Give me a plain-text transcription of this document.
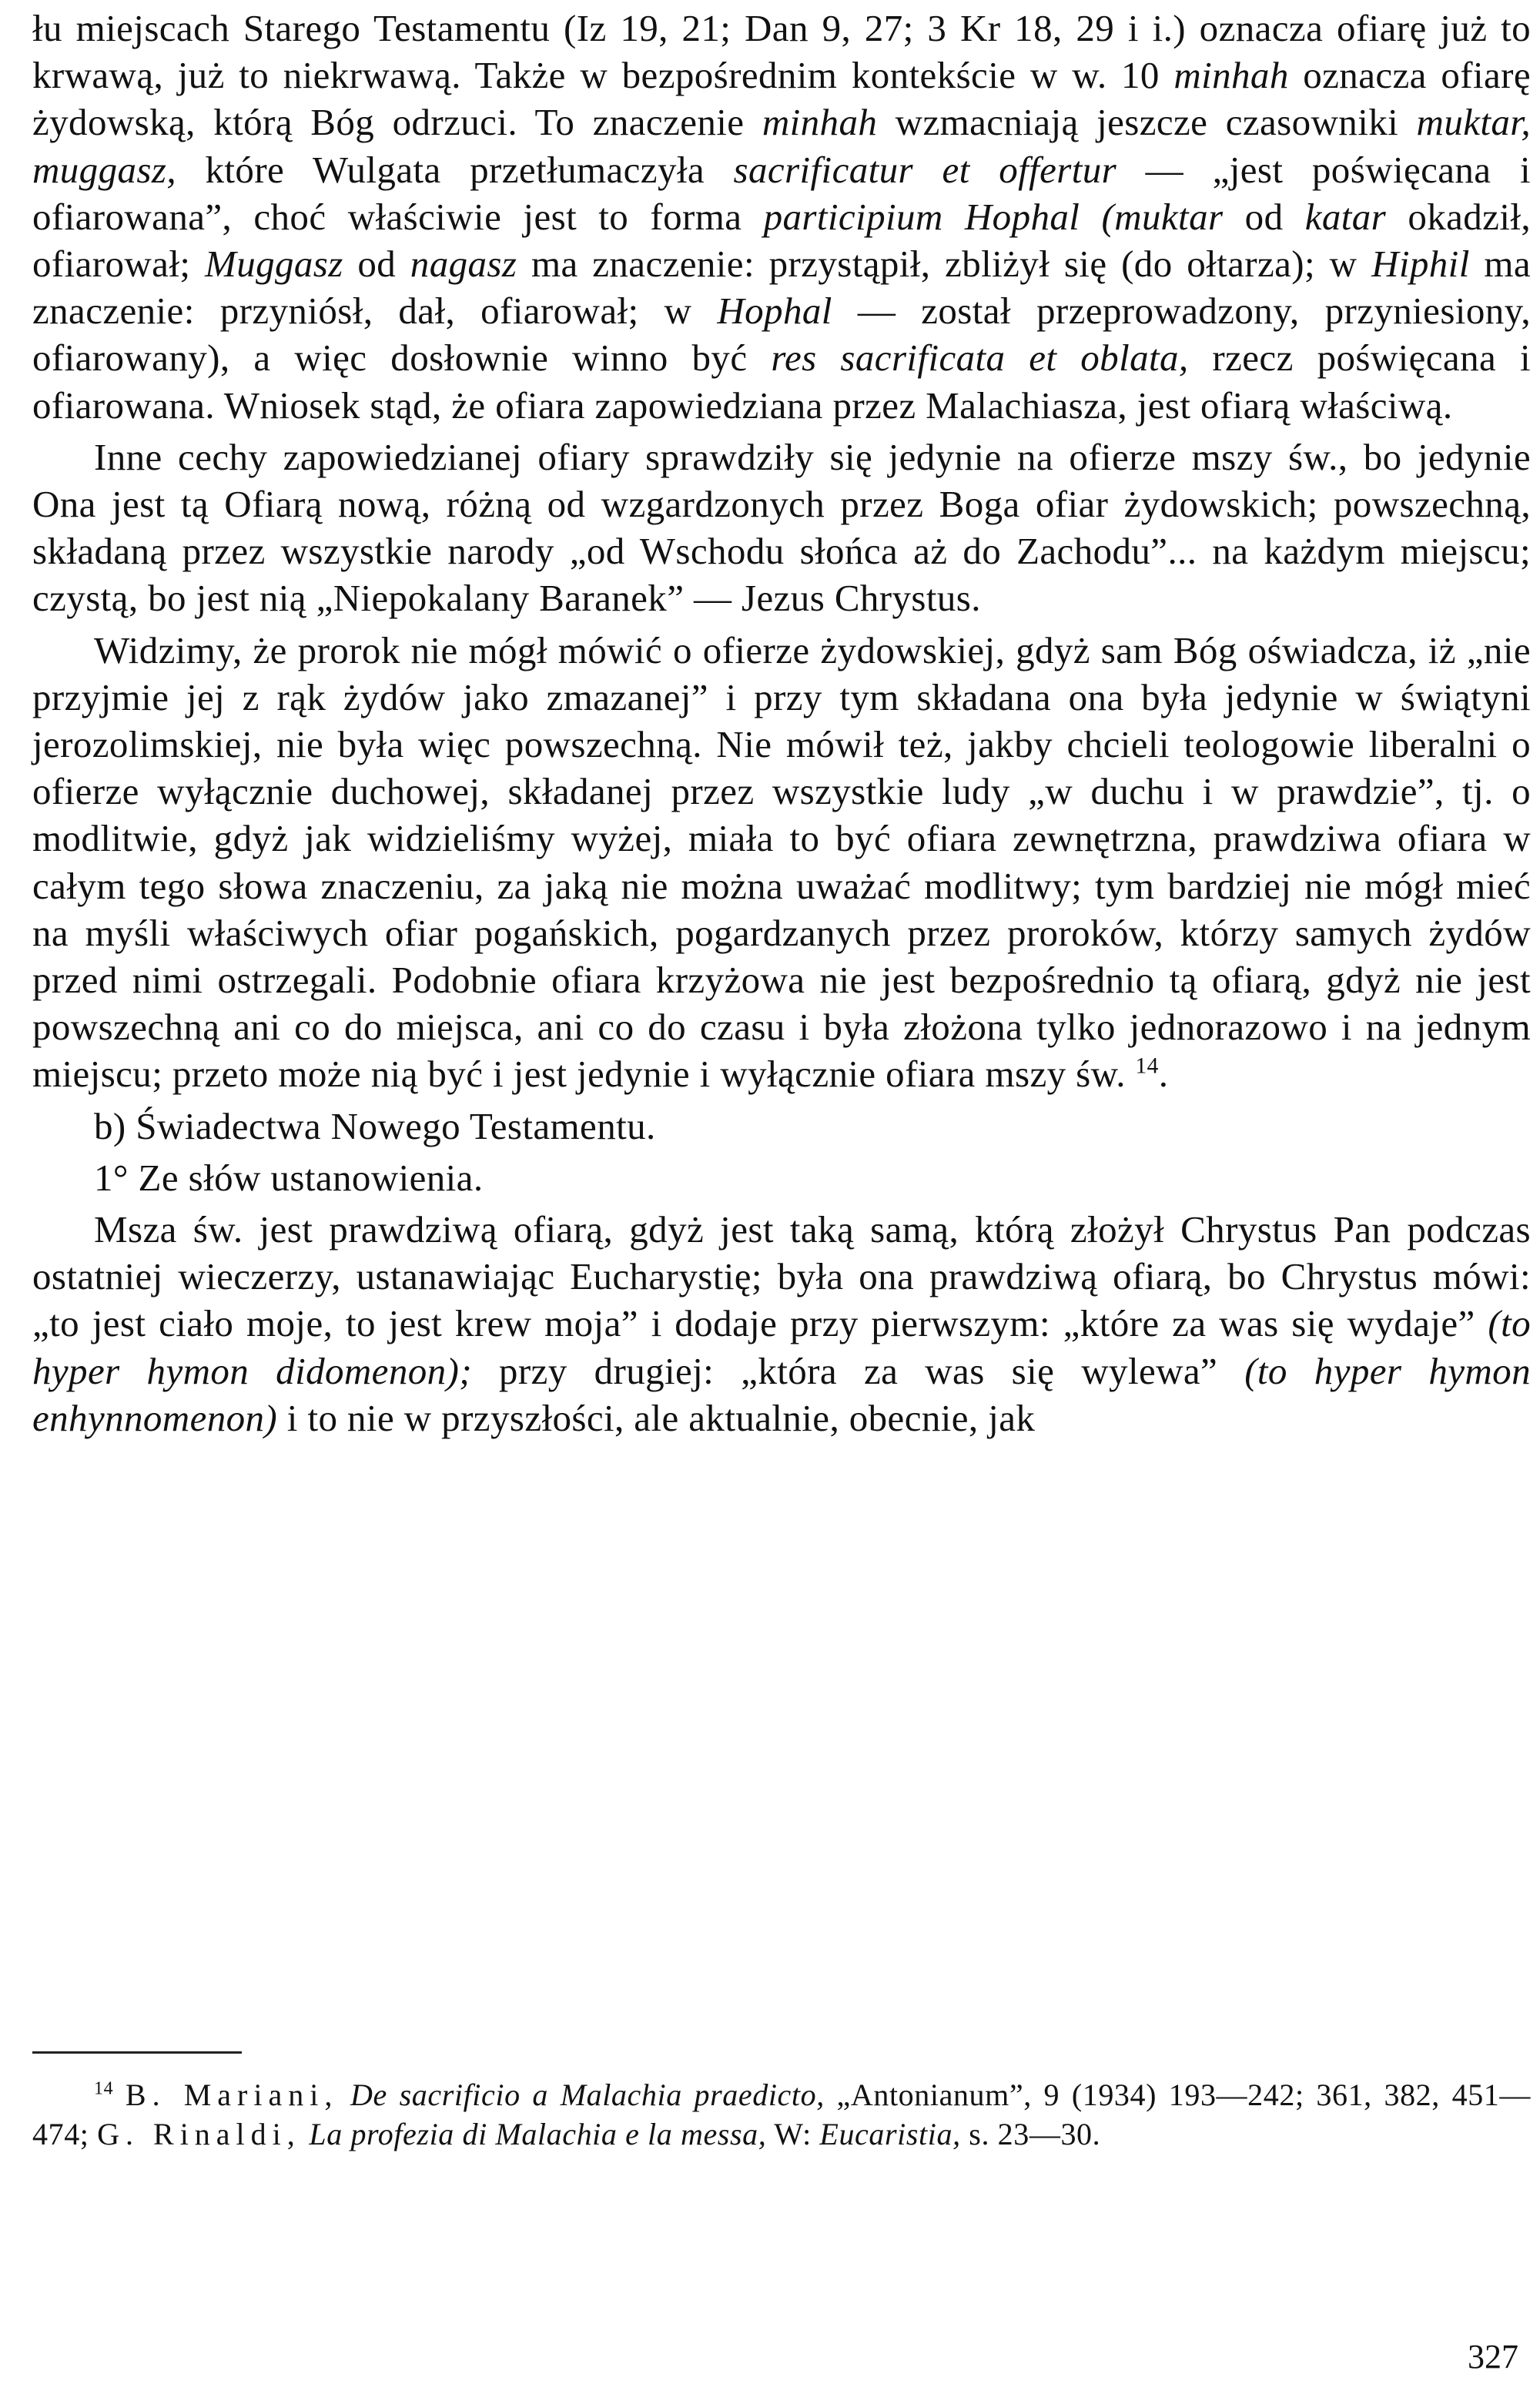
łu miejscach Starego Testamentu (Iz 19, 21; Dan 9, 27; 3 Kr 18, 29 i i.) oznacza ofiarę już to krwawą, już to niekrwawą. Także w bezpośrednim kontekście w w. 10 minhah oznacza ofiarę żydowską, którą Bóg odrzuci. To znaczenie minhah wzmacniają jeszcze czasowniki muktar, muggasz, które Wulgata przetłumaczyła sacrificatur et offertur — „jest poświęcana i ofiarowana”, choć właściwie jest to forma participium Hophal (muktar od katar okadził, ofiarował; Muggasz od nagasz ma znaczenie: przystąpił, zbliżył się (do ołtarza); w Hiphil ma znaczenie: przyniósł, dał, ofiarował; w Hophal — został przeprowadzony, przyniesiony, ofiarowany), a więc dosłownie winno być res sacrificata et oblata, rzecz poświęcana i ofiarowana. Wniosek stąd, że ofiara zapowiedziana przez Malachiasza, jest ofiarą właściwą.

Inne cechy zapowiedzianej ofiary sprawdziły się jedynie na ofierze mszy św., bo jedynie Ona jest tą Ofiarą nową, różną od wzgardzonych przez Boga ofiar żydowskich; powszechną, składaną przez wszystkie narody „od Wschodu słońca aż do Zachodu”... na każdym miejscu; czystą, bo jest nią „Niepokalany Baranek” — Jezus Chrystus.

Widzimy, że prorok nie mógł mówić o ofierze żydowskiej, gdyż sam Bóg oświadcza, iż „nie przyjmie jej z rąk żydów jako zmazanej” i przy tym składana ona była jedynie w świątyni jerozolimskiej, nie była więc powszechną. Nie mówił też, jakby chcieli teologowie liberalni o ofierze wyłącznie duchowej, składanej przez wszystkie ludy „w duchu i w prawdzie”, tj. o modlitwie, gdyż jak widzieliśmy wyżej, miała to być ofiara zewnętrzna, prawdziwa ofiara w całym tego słowa znaczeniu, za jaką nie można uważać modlitwy; tym bardziej nie mógł mieć na myśli właściwych ofiar pogańskich, pogardzanych przez proroków, którzy samych żydów przed nimi ostrzegali. Podobnie ofiara krzyżowa nie jest bezpośrednio tą ofiarą, gdyż nie jest powszechną ani co do miejsca, ani co do czasu i była złożona tylko jednorazowo i na jednym miejscu; przeto może nią być i jest jedynie i wyłącznie ofiara mszy św. $^{14}$.

b) Świadectwa Nowego Testamentu.

1° Ze słów ustanowienia.

Msza św. jest prawdziwą ofiarą, gdyż jest taką samą, którą złożył Chrystus Pan podczas ostatniej wieczerzy, ustanawiając Eucharystię; była ona prawdziwą ofiarą, bo Chrystus mówi: „to jest ciało moje, to jest krew moja” i dodaje przy pierwszym: „które za was się wydaje” (to hyper hymon didomenon); przy drugiej: „która za was się wylewa” (to hyper hymon enhynnomenon) i to nie w przyszłości, ale aktualnie, obecnie, jak

$^{14}$ B. Mariani, De sacrificio a Malachia praedicto, „Antonianum”, 9 (1934) 193—242; 361, 382, 451—474; G. Rinaldi, La profezia di Malachia e la messa, W: Eucaristia, s. 23—30.
327
